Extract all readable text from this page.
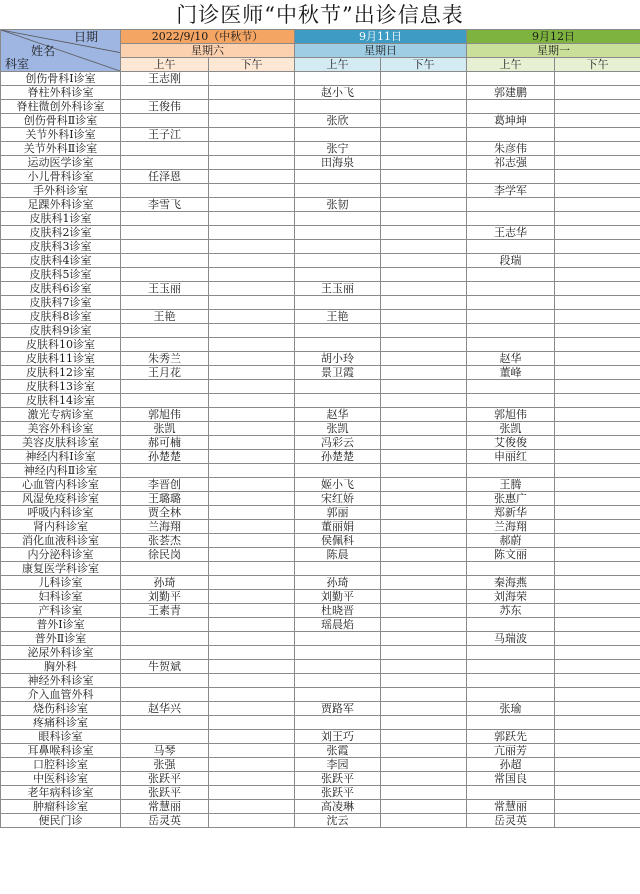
门诊医师“中秋节”出诊信息表
日期
姓名
科室	2022/9/10（中秋节）		9月11日		9月12日	
	星期六		星期日		星期一	
	上午	下午	上午	下午	上午	下午
创伤骨科Ⅰ诊室	王志刚					
脊柱外科诊室			赵小飞		郭建鹏	
脊柱微创外科诊室	王俊伟					
创伤骨科Ⅱ诊室			张欣		葛坤坤	
关节外科Ⅰ诊室	王子江					
关节外科Ⅱ诊室			张宁		朱彦伟	
运动医学诊室			田海泉		祁志强	
小儿骨科诊室	任泽恩					
手外科诊室					李学军	
足踝外科诊室	李雪飞		张韧			
皮肤科1诊室						
皮肤科2诊室					王志华	
皮肤科3诊室						
皮肤科4诊室					段瑞	
皮肤科5诊室						
皮肤科6诊室	王玉丽		王玉丽			
皮肤科7诊室						
皮肤科8诊室	王艳		王艳			
皮肤科9诊室						
皮肤科10诊室						
皮肤科11诊室	朱秀兰		胡小玲		赵华	
皮肤科12诊室	王月花		景卫霞		董峰	
皮肤科13诊室						
皮肤科14诊室						
激光专病诊室	郭旭伟		赵华		郭旭伟	
美容外科诊室	张凯		张凯		张凯	
美容皮肤科诊室	郝可楠		冯彩云		艾俊俊	
神经内科Ⅰ诊室	孙楚楚		孙楚楚		申丽红	
神经内科Ⅱ诊室						
心血管内科诊室	李晋创		姬小飞		王腾	
风湿免疫科诊室	王璐璐		宋红娇		张惠广	
呼吸内科诊室	贾全林		郭丽		郑新华	
肾内科诊室	兰海翔		董丽娟		兰海翔	
消化血液科诊室	张荟杰		侯佩科		郝蔚	
内分泌科诊室	徐民岗		陈晨		陈文丽	
康复医学科诊室						
儿科诊室	孙琦		孙琦		秦海燕	
妇科诊室	刘勤平		刘勤平		刘海荣	
产科诊室	王素青		杜晓晋		苏东	
普外Ⅰ诊室			瑶晨焰			
普外Ⅱ诊室					马瑞波	
泌尿外科诊室						
胸外科	牛贺斌					
神经外科诊室						
介入血管外科						
烧伤科诊室	赵华兴		贾路军		张瑜	
疼痛科诊室						
眼科诊室			刘王巧		郭跃先	
耳鼻喉科诊室	马琴		张霞		亢丽芳	
口腔科诊室	张强		李园		孙超	
中医科诊室	张跃平		张跃平		常国良	
老年病科诊室	张跃平		张跃平			
肿瘤科诊室	常慧丽		高凌琳		常慧丽	
便民门诊	岳灵英		沈云		岳灵英	
